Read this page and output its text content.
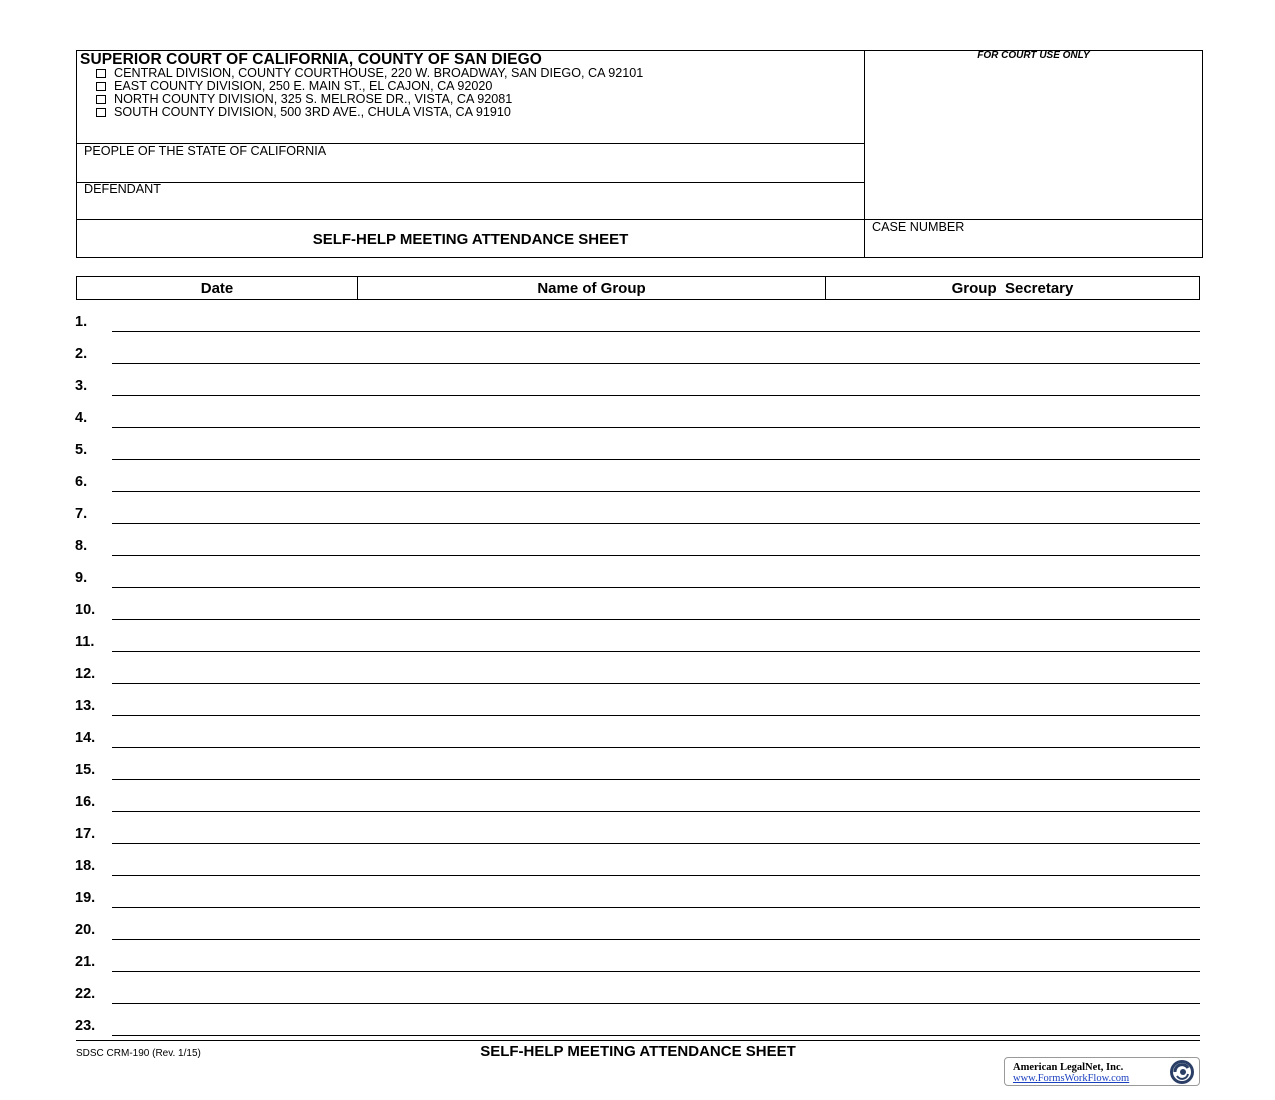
SUPERIOR COURT OF CALIFORNIA, COUNTY OF SAN DIEGO
CENTRAL DIVISION, COUNTY COURTHOUSE, 220 W. BROADWAY, SAN DIEGO, CA 92101
EAST COUNTY DIVISION, 250 E. MAIN ST., EL CAJON, CA 92020
NORTH COUNTY DIVISION, 325 S. MELROSE DR., VISTA, CA 92081
SOUTH COUNTY DIVISION, 500 3RD AVE., CHULA VISTA, CA 91910
PEOPLE OF THE STATE OF CALIFORNIA
DEFENDANT
SELF-HELP MEETING ATTENDANCE SHEET
FOR COURT USE ONLY
CASE NUMBER
Date	Name of Group	Group  Secretary
1.
2.
3.
4.
5.
6.
7.
8.
9.
10.
11.
12.
13.
14.
15.
16.
17.
18.
19.
20.
21.
22.
23.
SDSC CRM-190 (Rev. 1/15)	SELF-HELP MEETING ATTENDANCE SHEET
American LegalNet, Inc.
www.FormsWorkFlow.com
